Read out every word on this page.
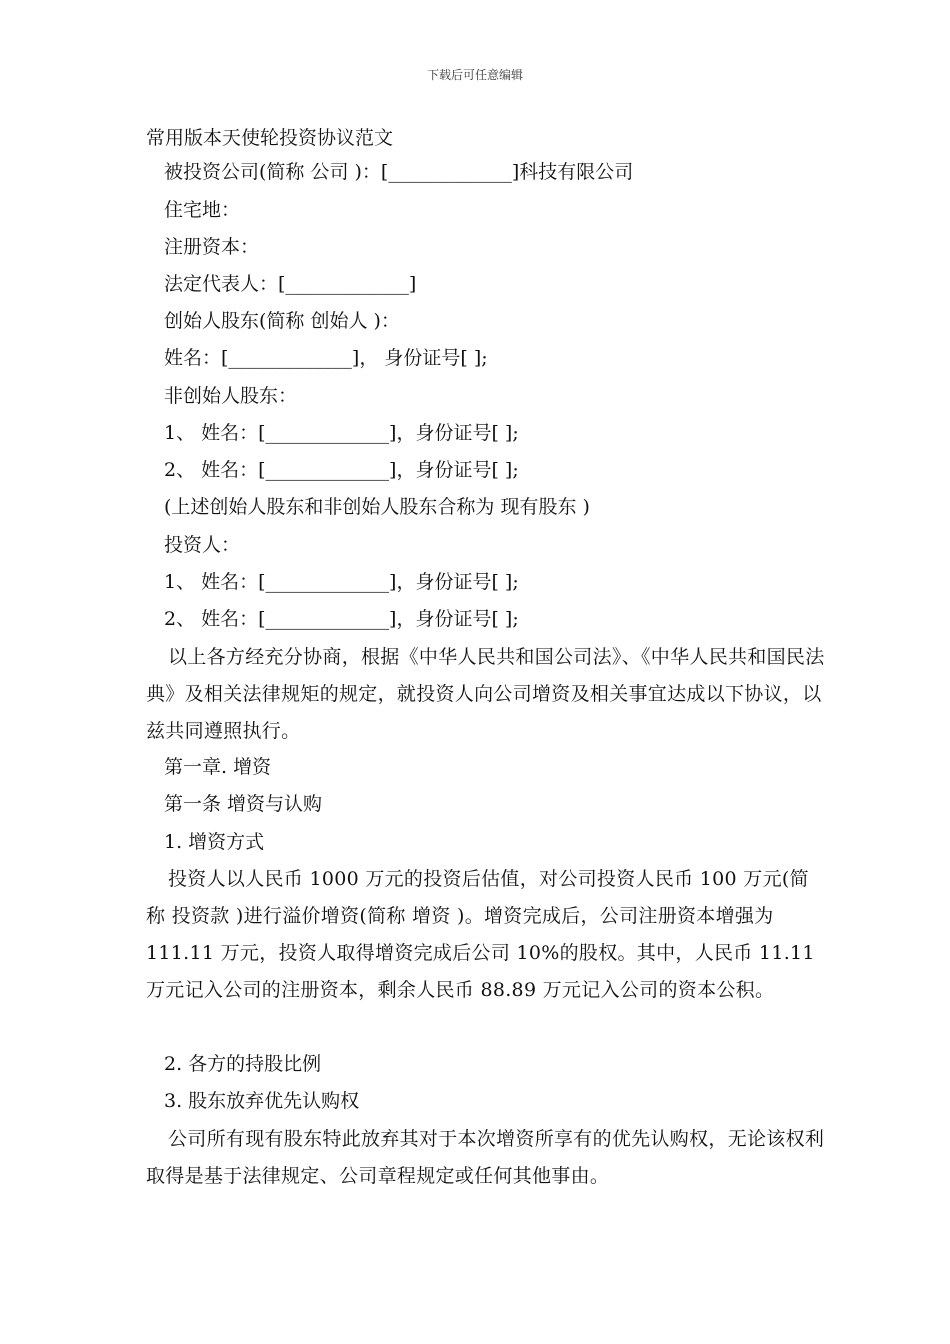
下载后可任意编辑
常用版本天使轮投资协议范文
被投资公司(简称 公司 )：[_____________]科技有限公司
住宅地：
注册资本：
法定代表人：[_____________]
创始人股东(简称 创始人 )：
姓名：[_____________]， 身份证号[ ];
非创始人股东：
1、 姓名：[_____________]，身份证号[ ];
2、 姓名：[_____________]，身份证号[ ];
(上述创始人股东和非创始人股东合称为 现有股东 )
投资人：
1、 姓名：[_____________]，身份证号[ ];
2、 姓名：[_____________]，身份证号[ ];
以上各方经充分协商，根据《中华人民共和国公司法》、《中华人民共和国民法典》及相关法律规矩的规定，就投资人向公司增资及相关事宜达成以下协议，以兹共同遵照执行。
第一章. 增资
第一条 增资与认购
1. 增资方式
投资人以人民币 1000 万元的投资后估值，对公司投资人民币 100 万元(简称 投资款 )进行溢价增资(简称 增资 )。增资完成后，公司注册资本增强为 111.11 万元，投资人取得增资完成后公司 10%的股权。其中，人民币 11.11 万元记入公司的注册资本，剩余人民币 88.89 万元记入公司的资本公积。
2. 各方的持股比例
3. 股东放弃优先认购权
公司所有现有股东特此放弃其对于本次增资所享有的优先认购权，无论该权利取得是基于法律规定、公司章程规定或任何其他事由。
